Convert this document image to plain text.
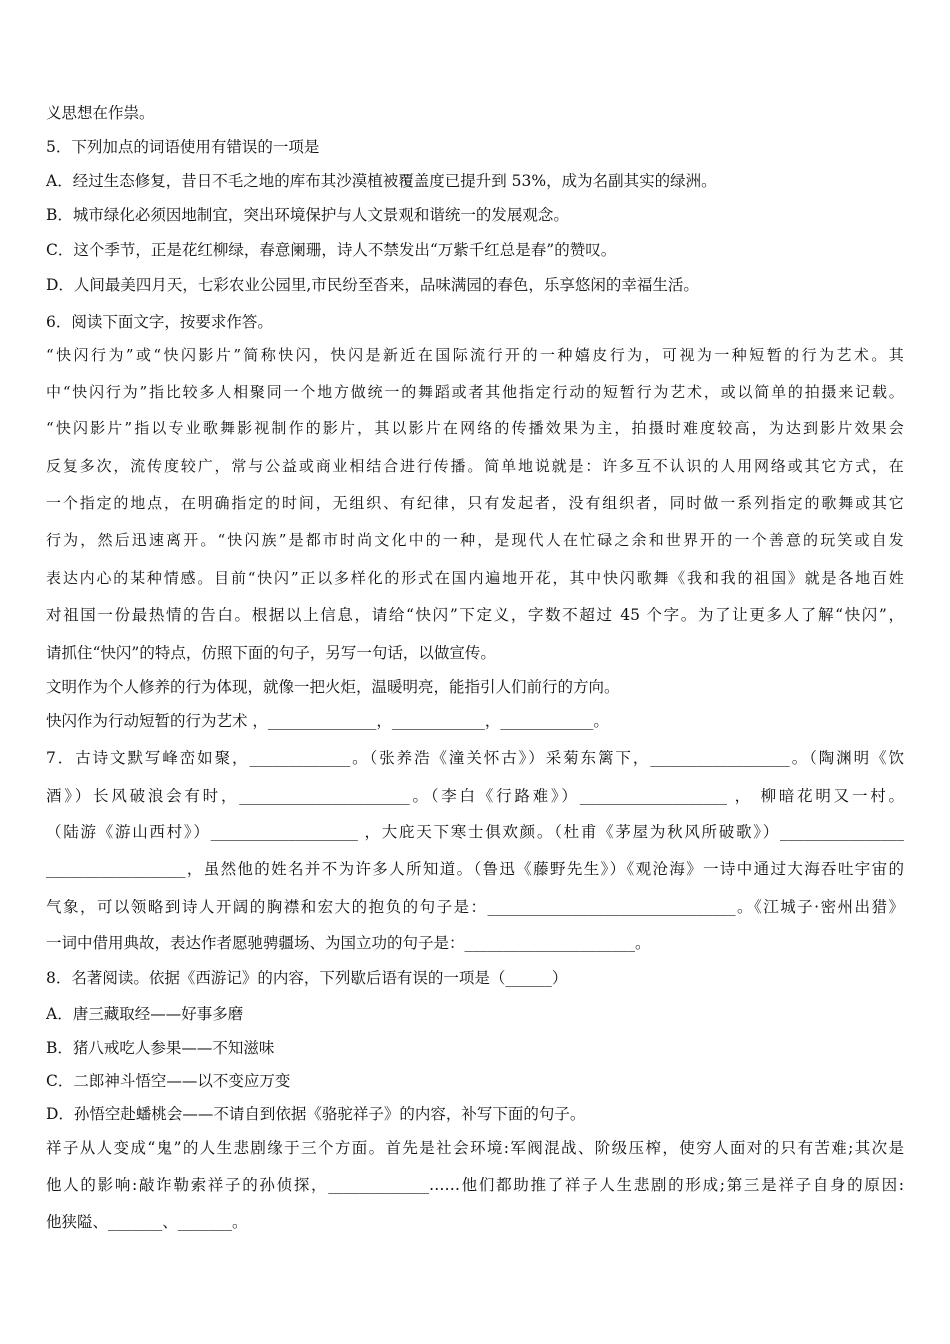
义思想在作祟。
5．下列加点的词语使用有错误的一项是
A．经过生态修复，昔日不毛之地的库布其沙漠植被覆盖度已提升到 53%，成为名副其实的绿洲。
B．城市绿化必须因地制宜，突出环境保护与人文景观和谐统一的发展观念。
C．这个季节，正是花红柳绿，春意阑珊，诗人不禁发出“万紫千红总是春”的赞叹。
D．人间最美四月天，七彩农业公园里,市民纷至沓来，品味满园的春色，乐享悠闲的幸福生活。
6．阅读下面文字，按要求作答。
“快闪行为”或“快闪影片”简称快闪，快闪是新近在国际流行开的一种嬉皮行为，可视为一种短暂的行为艺术。其
中“快闪行为”指比较多人相聚同一个地方做统一的舞蹈或者其他指定行动的短暂行为艺术，或以简单的拍摄来记载。
“快闪影片”指以专业歌舞影视制作的影片，其以影片在网络的传播效果为主，拍摄时难度较高，为达到影片效果会
反复多次，流传度较广，常与公益或商业相结合进行传播。简单地说就是：许多互不认识的人用网络或其它方式，在
一个指定的地点，在明确指定的时间，无组织、有纪律，只有发起者，没有组织者，同时做一系列指定的歌舞或其它
行为，然后迅速离开。“快闪族”是都市时尚文化中的一种，是现代人在忙碌之余和世界开的一个善意的玩笑或自发
表达内心的某种情感。目前“快闪”正以多样化的形式在国内遍地开花，其中快闪歌舞《我和我的祖国》就是各地百姓
对祖国一份最热情的告白。根据以上信息，请给“快闪”下定义，字数不超过 45 个字。为了让更多人了解“快闪”，
请抓住“快闪”的特点，仿照下面的句子，另写一句话，以做宣传。
文明作为个人修养的行为体现，就像一把火炬，温暖明亮，能指引人们前行的方向。
快闪作为行动短暂的行为艺术 ，______________，____________，____________。
7．古诗文默写峰峦如聚，_____________。（张养浩《潼关怀古》）采菊东篱下，__________________。（陶渊明《饮
酒》）长风破浪会有时，______________________。（李白《行路难》）___________________ ， 柳暗花明又一村。
（陆游《游山西村》）___________________ ，大庇天下寒士俱欢颜。（杜甫《茅屋为秋风所破歌》）________________
__________________，虽然他的姓名并不为许多人所知道。（鲁迅《藤野先生》）《观沧海》一诗中通过大海吞吐宇宙的
气象，可以领略到诗人开阔的胸襟和宏大的抱负的句子是：________________________________。《江城子·密州出猎》
一词中借用典故，表达作者愿驰骋疆场、为国立功的句子是：______________________。
8．名著阅读。依据《西游记》的内容，下列歇后语有误的一项是（______）
A．唐三藏取经——好事多磨
B．猪八戒吃人参果——不知滋味
C．二郎神斗悟空——以不变应万变
D．孙悟空赴蟠桃会——不请自到依据《骆驼祥子》的内容，补写下面的句子。
祥子从人变成“鬼”的人生悲剧缘于三个方面。首先是社会环境:军阀混战、阶级压榨，使穷人面对的只有苦难;其次是
他人的影响:敲诈勒索祥子的孙侦探，_____________……他们都助推了祥子人生悲剧的形成;第三是祥子自身的原因:
他狭隘、_______、_______。
